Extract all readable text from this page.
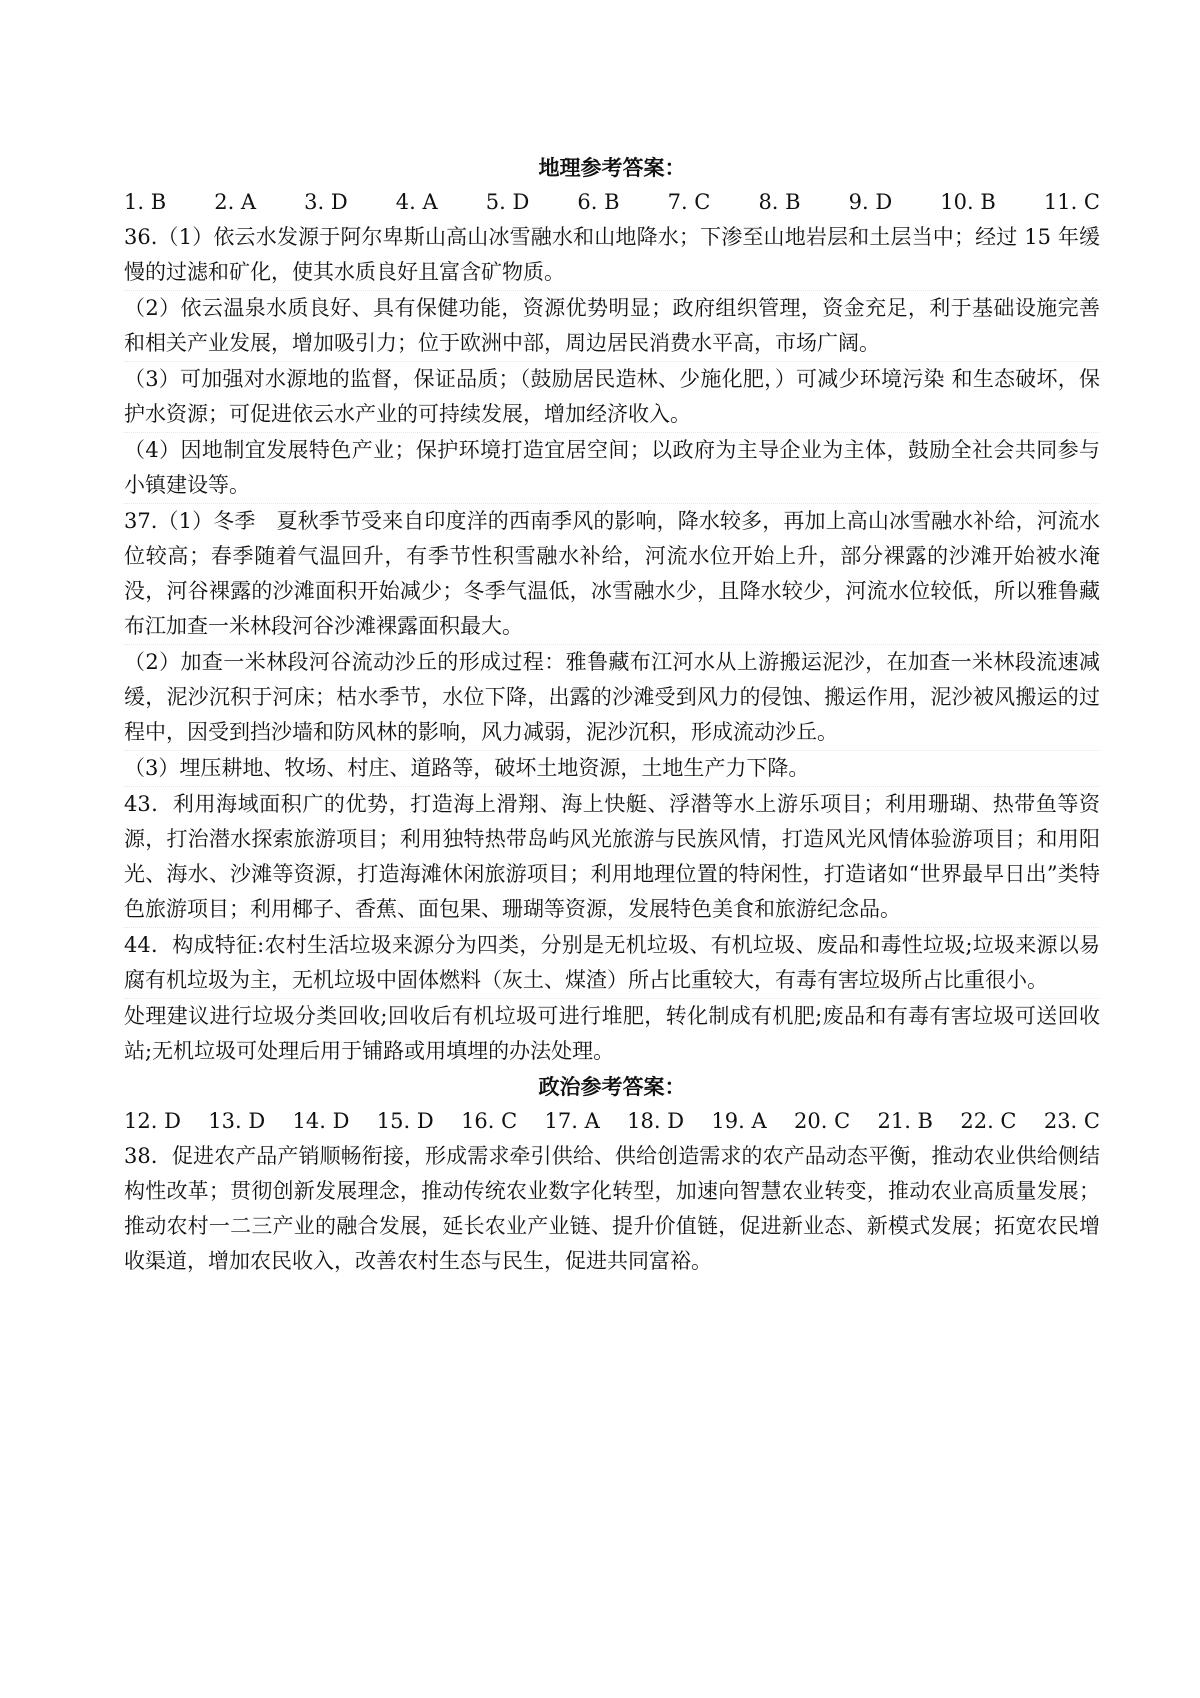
地理参考答案：
1. B 2. A 3. D 4. A 5. D 6. B 7. C 8. B 9. D 10. B 11. C

36.（1）依云水发源于阿尔卑斯山高山冰雪融水和山地降水；下渗至山地岩层和土层当中；经过 15 年缓慢的过滤和矿化，使其水质良好且富含矿物质。

（2）依云温泉水质良好、具有保健功能，资源优势明显；政府组织管理，资金充足，利于基础设施完善和相关产业发展，增加吸引力；位于欧洲中部，周边居民消费水平高，市场广阔。

（3）可加强对水源地的监督，保证品质；（鼓励居民造林、少施化肥，）可减少环境污染 和生态破坏，保护水资源；可促进依云水产业的可持续发展，增加经济收入。

（4）因地制宜发展特色产业；保护环境打造宜居空间；以政府为主导企业为主体，鼓励全社会共同参与小镇建设等。

37.（1）冬季　夏秋季节受来自印度洋的西南季风的影响，降水较多，再加上高山冰雪融水补给，河流水位较高；春季随着气温回升，有季节性积雪融水补给，河流水位开始上升，部分裸露的沙滩开始被水淹没，河谷裸露的沙滩面积开始减少；冬季气温低，冰雪融水少，且降水较少，河流水位较低，所以雅鲁藏布江加查一米林段河谷沙滩裸露面积最大。

（2）加查一米林段河谷流动沙丘的形成过程：雅鲁藏布江河水从上游搬运泥沙，在加查一米林段流速减缓，泥沙沉积于河床；枯水季节，水位下降，出露的沙滩受到风力的侵蚀、搬运作用，泥沙被风搬运的过程中，因受到挡沙墙和防风林的影响，风力减弱，泥沙沉积，形成流动沙丘。

（3）埋压耕地、牧场、村庄、道路等，破坏土地资源，土地生产力下降。

43．利用海域面积广的优势，打造海上滑翔、海上快艇、浮潜等水上游乐项目；利用珊瑚、热带鱼等资源，打治潜水探索旅游项目；利用独特热带岛屿风光旅游与民族风情，打造风光风情体验游项目；和用阳光、海水、沙滩等资源，打造海滩休闲旅游项目；利用地理位置的特闲性，打造诸如“世界最早日出”类特色旅游项目；利用椰子、香蕉、面包果、珊瑚等资源，发展特色美食和旅游纪念品。

44．构成特征:农村生活垃圾来源分为四类，分别是无机垃圾、有机垃圾、废品和毒性垃圾;垃圾来源以易腐有机垃圾为主，无机垃圾中固体燃料（灰土、煤渣）所占比重较大，有毒有害垃圾所占比重很小。

处理建议进行垃圾分类回收;回收后有机垃圾可进行堆肥，转化制成有机肥;废品和有毒有害垃圾可送回收站;无机垃圾可处理后用于铺路或用填埋的办法处理。

政治参考答案：
12. D 13. D 14. D 15. D 16. C 17. A 18. D 19. A 20. C 21. B 22. C 23. C

38．促进农产品产销顺畅衔接，形成需求牵引供给、供给创造需求的农产品动态平衡，推动农业供给侧结构性改革；贯彻创新发展理念，推动传统农业数字化转型，加速向智慧农业转变，推动农业高质量发展；推动农村一二三产业的融合发展，延长农业产业链、提升价值链，促进新业态、新模式发展；拓宽农民增收渠道，增加农民收入，改善农村生态与民生，促进共同富裕。
